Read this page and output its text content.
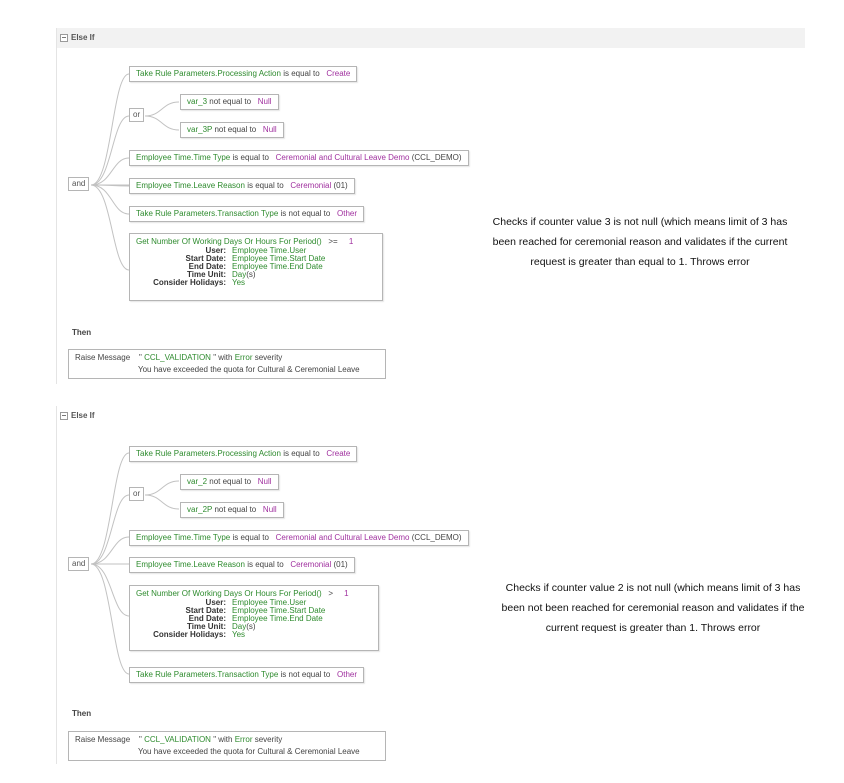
Else If
and
or
Take Rule Parameters.Processing Action is equal to Create
var_3 not equal to Null
var_3P not equal to Null
Employee Time.Time Type is equal to Ceremonial and Cultural Leave Demo (CCL_DEMO)
Employee Time.Leave Reason is equal to Ceremonial (01)
Take Rule Parameters.Transaction Type is not equal to Other
Get Number Of Working Days Or Hours For Period() >= 1
User: Employee Time.User
Start Date: Employee Time.Start Date
End Date: Employee Time.End Date
Time Unit: Day(s)
Consider Holidays: Yes
Then
Raise Message " CCL_VALIDATION " with Error severity
You have exceeded the quota for Cultural & Ceremonial Leave
Checks if counter value 3 is not null (which means limit of 3 has been reached for ceremonial reason and validates if the current request is greater than equal to 1. Throws error
Else If
and
or
Take Rule Parameters.Processing Action is equal to Create
var_2 not equal to Null
var_2P not equal to Null
Employee Time.Time Type is equal to Ceremonial and Cultural Leave Demo (CCL_DEMO)
Employee Time.Leave Reason is equal to Ceremonial (01)
Get Number Of Working Days Or Hours For Period() > 1
User: Employee Time.User
Start Date: Employee Time.Start Date
End Date: Employee Time.End Date
Time Unit: Day(s)
Consider Holidays: Yes
Take Rule Parameters.Transaction Type is not equal to Other
Then
Raise Message " CCL_VALIDATION " with Error severity
You have exceeded the quota for Cultural & Ceremonial Leave
Checks if counter value 2 is not null (which means limit of 3 has been not been reached for ceremonial reason and validates if the current request is greater than 1. Throws error
